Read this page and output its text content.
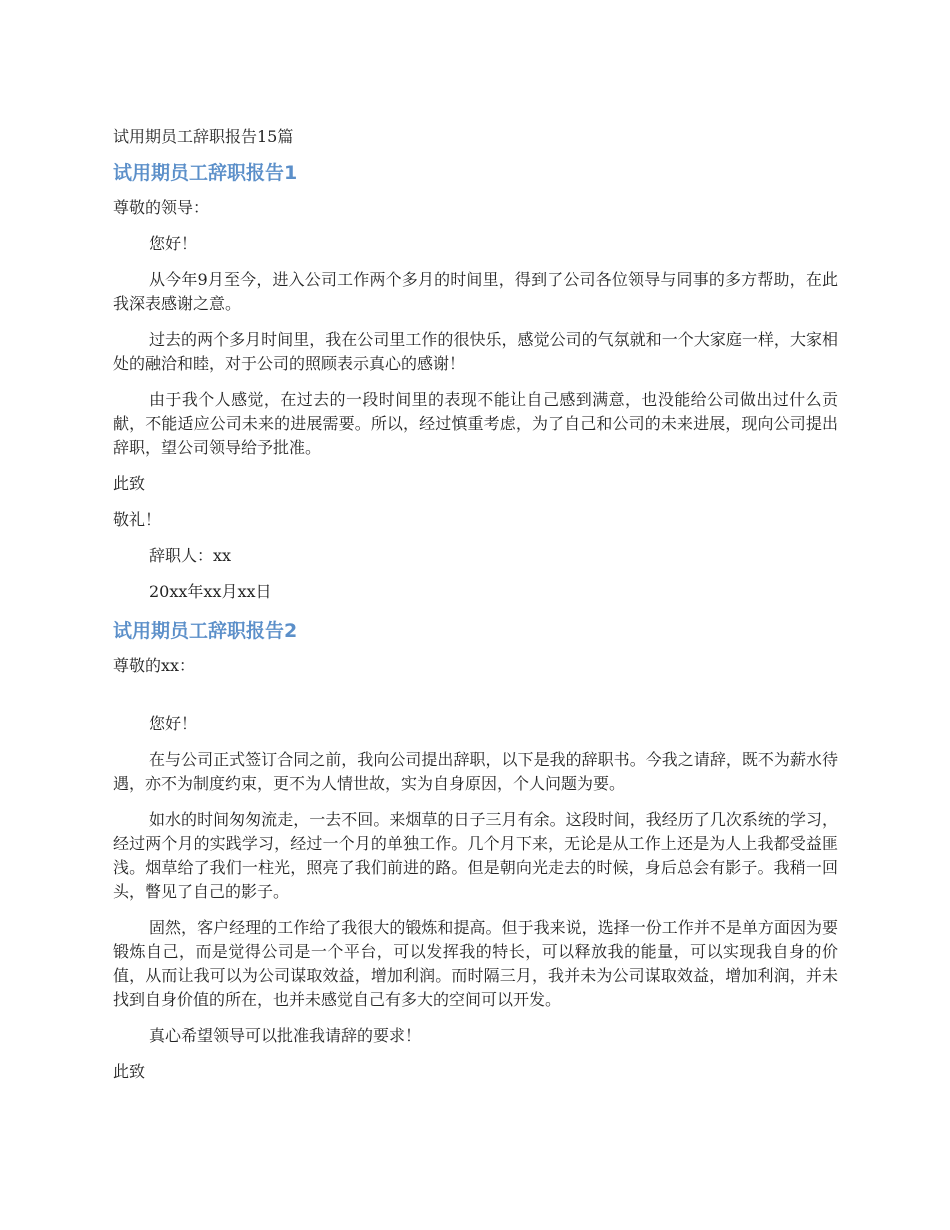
试用期员工辞职报告15篇
试用期员工辞职报告1

尊敬的领导：

您好！

从今年9月至今，进入公司工作两个多月的时间里，得到了公司各位领导与同事的多方帮助，在此我深表感谢之意。

过去的两个多月时间里，我在公司里工作的很快乐，感觉公司的气氛就和一个大家庭一样，大家相处的融洽和睦，对于公司的照顾表示真心的感谢！

由于我个人感觉，在过去的一段时间里的表现不能让自己感到满意，也没能给公司做出过什么贡献，不能适应公司未来的进展需要。所以，经过慎重考虑，为了自己和公司的未来进展，现向公司提出辞职，望公司领导给予批准。

此致

敬礼！

辞职人：xx

20xx年xx月xx日

试用期员工辞职报告2

尊敬的xx：

您好！

在与公司正式签订合同之前，我向公司提出辞职，以下是我的辞职书。今我之请辞，既不为薪水待遇，亦不为制度约束，更不为人情世故，实为自身原因，个人问题为要。

如水的时间匆匆流走，一去不回。来烟草的日子三月有余。这段时间，我经历了几次系统的学习，经过两个月的实践学习，经过一个月的单独工作。几个月下来，无论是从工作上还是为人上我都受益匪浅。烟草给了我们一柱光，照亮了我们前进的路。但是朝向光走去的时候，身后总会有影子。我稍一回头，瞥见了自己的影子。

固然，客户经理的工作给了我很大的锻炼和提高。但于我来说，选择一份工作并不是单方面因为要锻炼自己，而是觉得公司是一个平台，可以发挥我的特长，可以释放我的能量，可以实现我自身的价值，从而让我可以为公司谋取效益，增加利润。而时隔三月，我并未为公司谋取效益，增加利润，并未找到自身价值的所在，也并未感觉自己有多大的空间可以开发。

真心希望领导可以批准我请辞的要求！

此致
